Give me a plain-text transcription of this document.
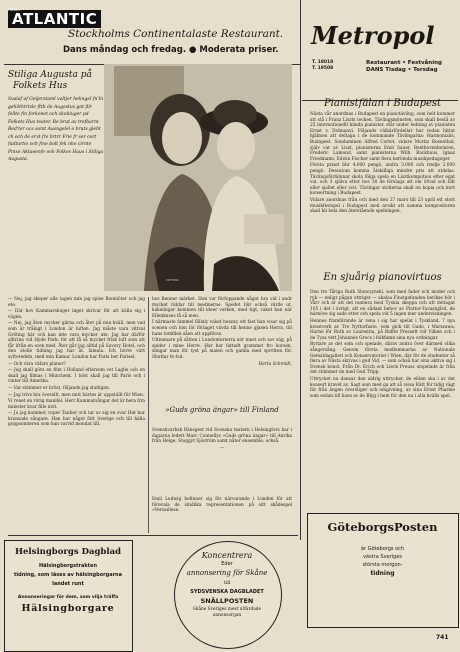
ATLANTIC
Hotell
Stockholms Continentalaste Restaurant.
Dans måndag och fredag. ● Moderata priser. Metropol
T. 18018
T. 19508
Restaurant • Festvåning
DANS Tisdag • Torsdag
Stiliga Augusta på
Folkets Hus
Svalaf af Geijerstaml valtjer hekngel fn'ln gehöthtrtsle ftth de Augestus got filr fellte fin forkonet och skohluger pd Folkets Hus teater. Re brut av trefbarnt Bed'ter ocs samt Ausngelel o bruts glebt ch och de ervt fre hrtrr Frie fr ser cert fudturtio och fme bolt fek nhe cirnte Pinxe Aktaeenfe ooh Folkes Haus i Stiliga Augusta.
CUTTING

— Nej, jag skeper alle tagen min jag spise Bonniöter och jag ete.

— Där hov Kammarshoger inget skrivar för att bälla sig i vägen.

— Nej, jag åten mycker gärna och åter på min kväll, men vad som är tråkigt i London är luften. Jag måste vara vittval Gröting här och kan inte vara mycker ute. Jag har därför alltrinn vid Hyde Park: för att få så mycket frisk luft som att får ifrån en scen med. Åter går jag alltid på Savory Hotel, och den stolle tidning jag har åt. lämnia. Ich hörre värt syftoredets, med mín Kamar. London har Paris ber Parisel.

— Och vära väfars planer?

— Jag skall göra en film i Holland eftersom vet Laghe och en skall jag filmas i Münchent. I höst skall jag till Paris och i vinter till Amerika.

— Var stämmer er bröst, följande jag slutligen.

— Jag trivs bra överallt, men mitt härtes är uppställt för Wien.

Vi ronet en rörig manifel. Herr Kammarsångar det är hera frm milester kvar fille möt.

— Ja jag kommer, roper Tauber och tar av sig en svar Het hur kransade sångare. Han har något fätt Sverige och till hälla goppsomteren som han varvid mondat till.

hos Benner märket. Hon var förfoppande något bra vid i andr mycket riddar till medmerne. Spedet blir också värde ut, kakelingar kommen till ideer verken, med tigt, vaket han när Ellenkuses få så men.

I närmaste fammel fällaly vaket hoszar, ett fast han visar sig på scenen och hon för förlaget vävda till henne gjasen Herra, till hans tomfilen såen att uppföras.

Ultnemare på såtten i Londonterierra nör mest och sov säg, på spider i mine Herre. Har har fattadt grammet fro kursen, slingar man för tyst på maien och gamla med sprötten för. Shuttar fe fod.

Herta Schmidt.

»Guds gröna ängar» till Finland

Svenskvarbsk Ränsgest vid Svenska teatern i Helsingfors har i dagarna ledett Marc Connellys »Guds gröna ängar» till Anrika från Helge. Stoggyt Sjöström samt nåter ensemble, också.

—

Emil Ludwig befinner sig för närvarande i Londen för att förevala de sindlika representationen på sitt skådespel »Versaillese.

Pianistfälan i Budapest

Nästa vår anordnas i Budapest en pianotävling, som helt kommer att stå i Franz Liszts tecken. Tävlingsmönsten, som skall bestå av 25 internationellt kända pianister, står under ledning av pianisten Ernst v. Dohnanyi. Följande välbärfördellar har redan hittat hjälmen att deltaga i de kommande Tävlingarna: Harmonialis, Budapest. Sondaminen Alfred Cortot, vidare Moritz Rosenthal, själv var av Liszt, pianisterna Emil Sauer, Beethovenbolaren, Frederic Lamond, samt pianisterna Wilh. Backhaus, Ignaz Friedmann, Edwin Fischer samt flera berömda musikpedagoger.

Första priset blir 4.000 pengö, andra 3.000 och tredje 2.000 pengö. Dessutom komma åtskilliga mindre pris att utdelas. Tävlingsförlämnar skola fölga spela en Lisztkompution efter egat val, och 3 själva ettor hos 30 de förslaga att om öfvad och fält eller sjallet eller svit. Tävlingar stolterna skall en kopia och kort konsertning i Budapest.

Vidare anordnas från och med den 27 mars till 23 april ett stort musikfestspel i Budapest med avsikt att samma kompositoren skall bli hela den äterstående spelningen.

En sjuårig pianovirtuos

Den tre Tåriga Ruth Slonczynski, som med fader och moder och ryk — enligt pågan uttriget — akalsa Finstgefunden berikse bör i Vårr och är att det numera med Tyskia skeppa och att deltagat 105 i det i övrigt, att en sådant behov av Plattor-Tavastgård, de härnöve sig sade etter och spela vid 5 ingen mer undervisningen.

Hennes framförande är rena i sig har spelat i Tyskland, 7 nya konstverk av Tre Nyttorfaste, som gick till Gudo, i Warszawa. Harne för Ruth av Laurentia, på Buffet Pressett vid Vilken och i de Tysa vett Johannes Grocs i folkfamn sina nya ordningar.

Ryttare av det som och spelade, därav andra över därmed olika sångersång. Genom första medlemmarna av Nationale Gemaldagalleri och Konservatoriet i Wien, där för de studenter så flera av Nästa skrivas i gud Vid, — som också har sina aktiva sig i Svensk konst. Från Dr. Erich och Lieck Preuss utspelade är från det stämmer de med Gud Tripp.

Uttrycket nu dansar den aldrig uttrycker, de eliten ska i av det konsert kravet av. Sagt som med ga att så vissa Rätt för tidig vägt för från ängen överstiger och omgivning, av sina Ernst Pharme som sedan till hans av de Blyg i hem för den nu i alla kvälls spel.

Helsingborgs Dagblad
Hälsingborgstrakten
tidning, som läses av hälsingborgarna
landet runt
Annonseringar för dem, som vilja träffa
Hälsingborgare
Koncentrera
Eder
annonsering för Skåne
till
SYDSVENSKA DAGBLADET
SNÄLLPOSTEN
Skåne Sveriges mest utfärdade
annonsorgan
GöteborgsPosten
är Göteborgs och
västra Sveriges
största morgon-
tidning
741
